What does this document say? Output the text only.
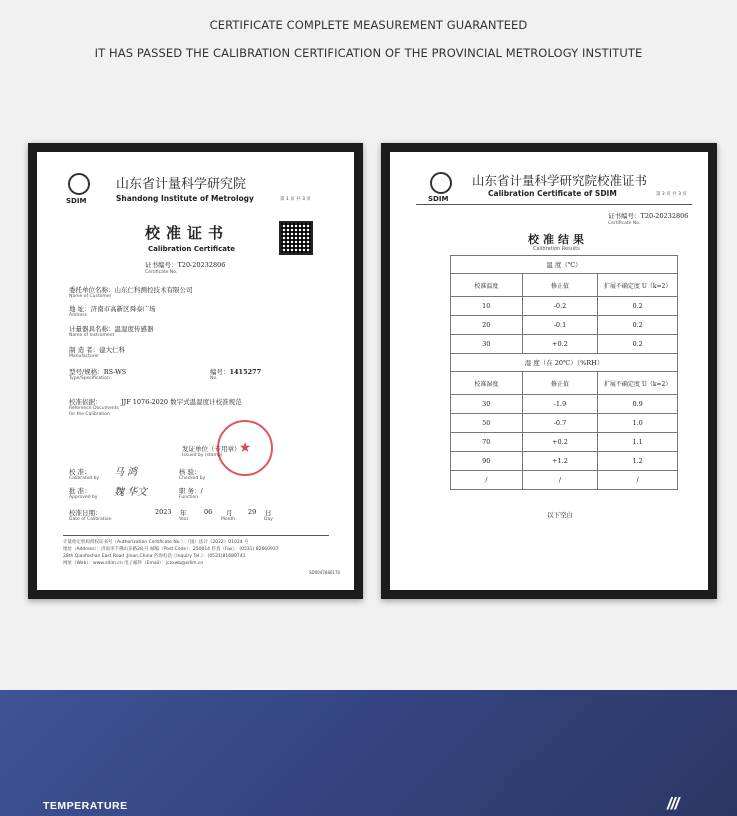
CERTIFICATE COMPLETE MEASUREMENT GUARANTEED
IT HAS PASSED THE CALIBRATION CERTIFICATION OF THE PROVINCIAL METROLOGY INSTITUTE
SDIM
山东省计量科学研究院
Shandong Institute of Metrology	第 1 页 共 3 页
校准证书
Calibration Certificate
证书编号：T20-20232806
Certificate No.
委托单位名称：山东仁科测控技术有限公司
Name of Customer
地 址：济南市高新区舜泰广场
Address
计量器具名称：温湿度传感器
Name of Instrument
制 造 者：建大仁科
Manufacturer
型号/规格：RS-WS
Type/Specification
编号：1415277
No.
校准依据：	JJF 1076-2020 数字式温湿度计校准规范
Reference Documents for the Calibration
发证单位（专用章）
Issued by (stamp)	★
校 准：
Calibrated by
马 鸿	核 验：
Checked by
批 准：
Approved by 魏 华文	职 务：/
Function
校准日期：
Date of Calibration
2023 年
Year
06 月
Month
29 日
Day
计量检定机构授权证书号（Authorization Certificate No.）：（国）法计（2022）01024 号
地址（Address）：济南市千佛山东路28 号 邮编（Post Code）：250014 传真（Fax）：(0531) 82660937
28th Qianfoshan East Road ,Jinan,China 咨询电话（Inquiry Tel.）：(0531)81689741
网址（Web）：www.sdim.cn 电子邮件（Email）：jczxwb@sdim.cn
SD0047680170
SDIM
山东省计量科学研究院校准证书
Calibration Certificate of SDIM	第 3 页 共 3 页
证书编号：T20-20232806
Certificate No.
校准结果
Calibration Results
温 度（℃）		
校准温度	修正值	扩展不确定度 U（k=2）
10	-0.2	0.2
20	-0.1	0.2
30	+0.2	0.2
湿 度（在 20℃）（%RH）		
校准湿度	修正值	扩展不确定度 U（k=2）
30	-1.9	0.9
50	-0.7	1.0
70	+0.2	1.1
90	+1.2	1.2
/	/	/
以下空白
TEMPERATURE	///
